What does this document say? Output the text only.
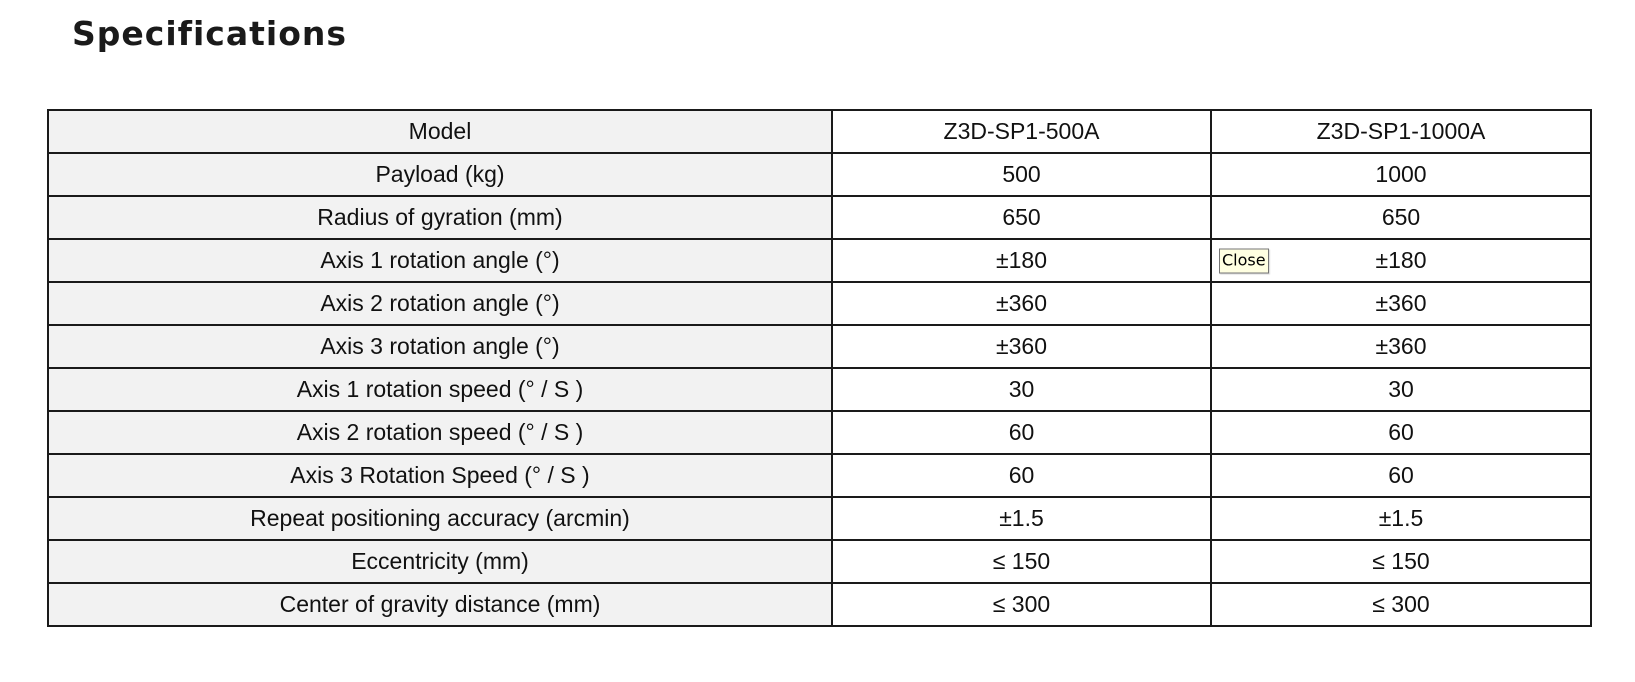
Specifications
Model	Z3D-SP1-500A	Z3D-SP1-1000A
Payload (kg)	500	1000
Radius of gyration (mm)	650	650
Axis 1 rotation angle (°)	±180	Close ±180

Axis 2 rotation angle (°)	±360	±360
Axis 3 rotation angle (°)	±360	±360
Axis 1 rotation speed (° / S )	30	30
Axis 2 rotation speed (° / S )	60	60
Axis 3 Rotation Speed (° / S )	60	60
Repeat positioning accuracy (arcmin)	±1.5	±1.5
Eccentricity (mm)	≤ 150	≤ 150
Center of gravity distance (mm)	≤ 300	≤ 300
